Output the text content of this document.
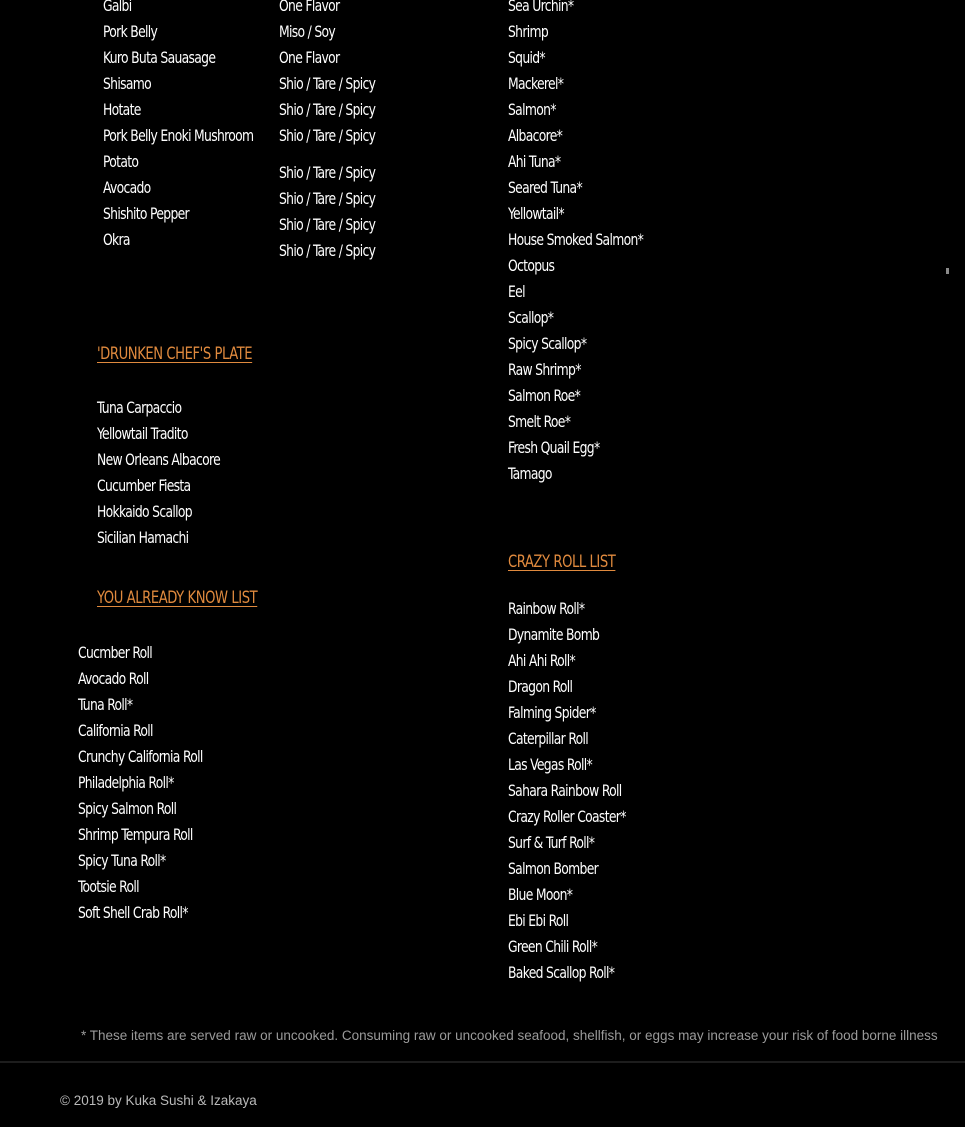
Galbi
Pork Belly
Kuro Buta Sauasage
Shisamo
Hotate
Pork Belly Enoki Mushroom
Potato
Avocado
Shishito Pepper
Okra
One Flavor
Miso / Soy
One Flavor
Shio / Tare / Spicy
Shio / Tare / Spicy
Shio / Tare / Spicy
Shio / Tare / Spicy
Shio / Tare / Spicy
Shio / Tare / Spicy
Shio / Tare / Spicy
Sea Urchin*
Shrimp
Squid*
Mackerel*
Salmon*
Albacore*
Ahi Tuna*
Seared Tuna*
Yellowtail*
House Smoked Salmon*
Octopus
Eel
Scallop*
Spicy Scallop*
Raw Shrimp*
Salmon Roe*
Smelt Roe*
Fresh Quail Egg*
Tamago
'DRUNKEN CHEF'S PLATE
Tuna Carpaccio
Yellowtail Tradito
New Orleans Albacore
Cucumber Fiesta
Hokkaido Scallop
Sicilian Hamachi
YOU ALREADY KNOW LIST
Cucmber Roll
Avocado Roll
Tuna Roll*
California Roll
Crunchy California Roll
Philadelphia Roll*
Spicy Salmon Roll
Shrimp Tempura Roll
Spicy Tuna Roll*
Tootsie Roll
Soft Shell Crab Roll*
CRAZY ROLL LIST
Rainbow Roll*
Dynamite Bomb
Ahi Ahi Roll*
Dragon Roll
Falming Spider*
Caterpillar Roll
Las Vegas Roll*
Sahara Rainbow Roll
Crazy Roller Coaster*
Surf & Turf Roll*
Salmon Bomber
Blue Moon*
Ebi Ebi Roll
Green Chili Roll*
Baked Scallop Roll*

* These items are served raw or uncooked. Consuming raw or uncooked seafood, shellfish, or eggs may increase your risk of food borne illness

© 2019 by Kuka Sushi & Izakaya
